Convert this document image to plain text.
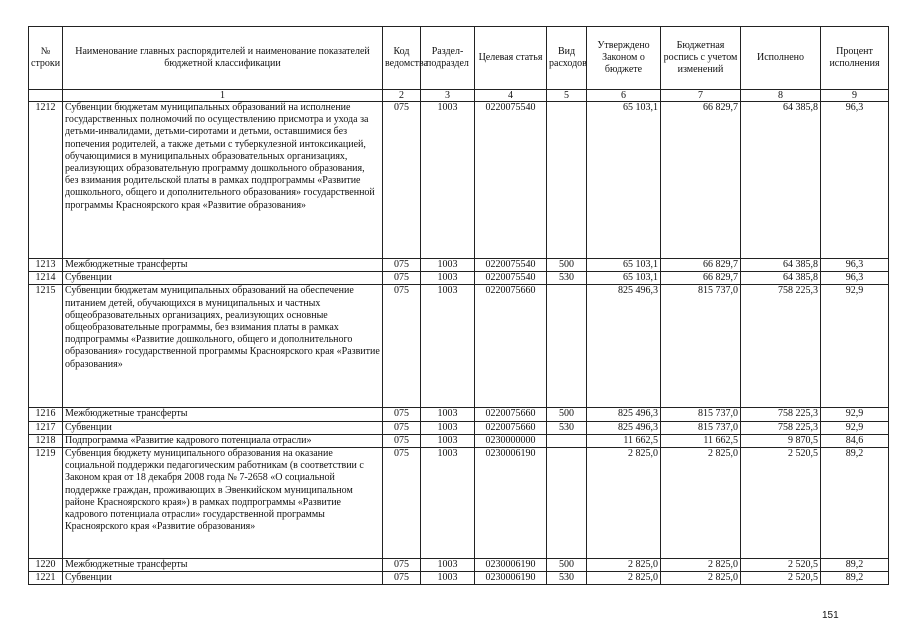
№ строки	Наименование главных распорядителей и наименование показателей бюджетной классификации	Код ведомства	Раздел-подраздел	Целевая статья	Вид расходов	Утверждено Законом о бюджете	Бюджетная роспись с учетом изменений	Исполнено	Процент исполнения
	1	2	3	4	5	6	7	8	9
1212	Субвенции бюджетам муниципальных образований на исполнение государственных полномочий по осуществлению присмотра и ухода за детьми-инвалидами, детьми-сиротами и детьми, оставшимися без попечения родителей, а также детьми с туберкулезной интоксикацией, обучающимися в муниципальных образовательных организациях, реализующих образовательную программу дошкольного образования, без взимания родительской платы в рамках подпрограммы «Развитие дошкольного, общего и дополнительного образования» государственной программы Красноярского края «Развитие образования»	075	1003	0220075540		65 103,1	66 829,7	64 385,8	96,3
1213	Межбюджетные трансферты	075	1003	0220075540	500	65 103,1	66 829,7	64 385,8	96,3
1214	Субвенции	075	1003	0220075540	530	65 103,1	66 829,7	64 385,8	96,3
1215	Субвенции бюджетам муниципальных образований на обеспечение питанием детей, обучающихся в муниципальных и частных общеобразовательных организациях, реализующих основные общеобразовательные программы, без взимания платы в рамках подпрограммы «Развитие дошкольного, общего и дополнительного образования» государственной программы Красноярского края «Развитие образования»	075	1003	0220075660		825 496,3	815 737,0	758 225,3	92,9
1216	Межбюджетные трансферты	075	1003	0220075660	500	825 496,3	815 737,0	758 225,3	92,9
1217	Субвенции	075	1003	0220075660	530	825 496,3	815 737,0	758 225,3	92,9
1218	Подпрограмма «Развитие кадрового потенциала отрасли»	075	1003	0230000000		11 662,5	11 662,5	9 870,5	84,6
1219	Субвенция бюджету муниципального образования на оказание социальной поддержки педагогическим работникам (в соответствии с Законом края от 18 декабря 2008 года № 7-2658 «О социальной поддержке граждан, проживающих в Эвенкийском муниципальном районе Красноярского края») в рамках подпрограммы «Развитие кадрового потенциала отрасли» государственной программы Красноярского края «Развитие образования»	075	1003	0230006190		2 825,0	2 825,0	2 520,5	89,2
1220	Межбюджетные трансферты	075	1003	0230006190	500	2 825,0	2 825,0	2 520,5	89,2
1221	Субвенции	075	1003	0230006190	530	2 825,0	2 825,0	2 520,5	89,2
151
